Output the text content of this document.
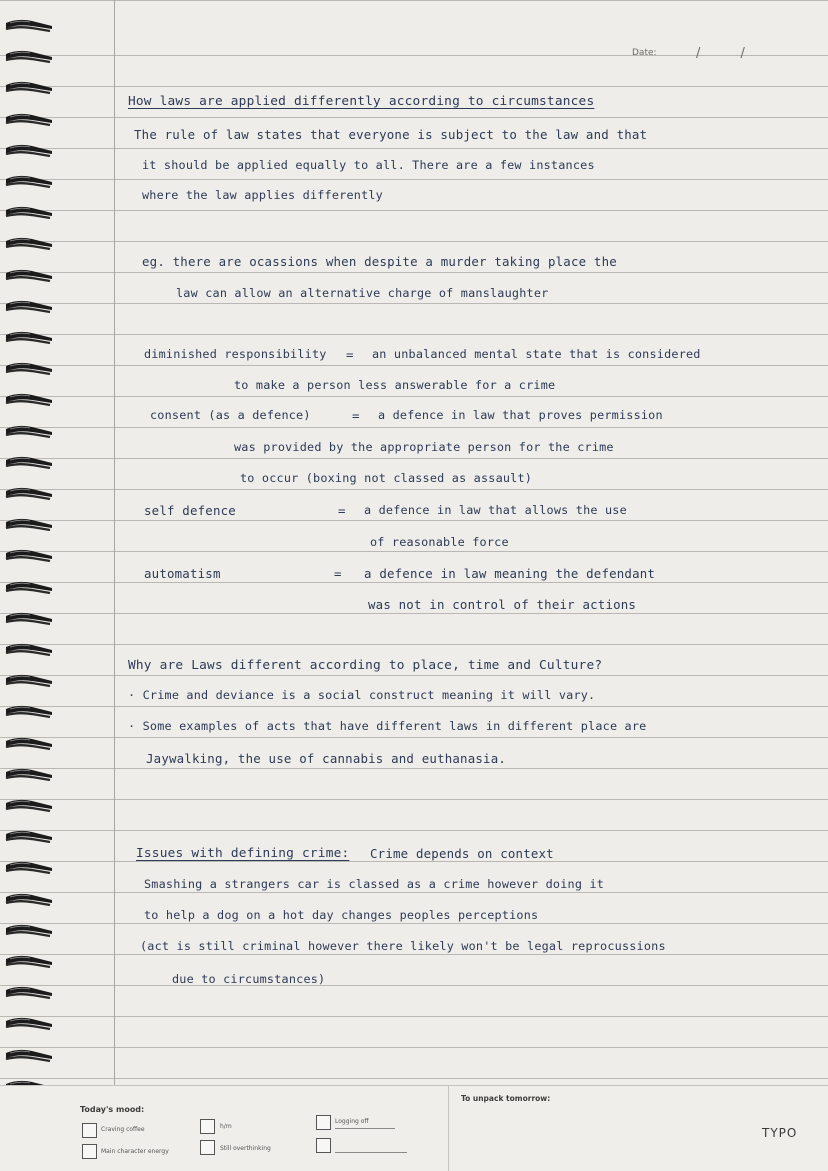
Date:	/ /

How laws are applied differently according to circumstances

The rule of law states that everyone is subject to the law and that

it should be applied equally to all. There are a few instances

where the law applies differently

eg. there are ocassions when despite a murder taking place the

law can allow an alternative charge of manslaughter

diminished responsibility = an unbalanced mental state that is considered

to make a person less answerable for a crime

consent (as a defence)	= a defence in law that proves permission

was provided by the appropriate person for the crime

to occur (boxing not classed as assault)

self defence	= a defence in law that allows the use

of reasonable force

automatism	= a defence in law meaning the defendant

was not in control of their actions

Why are Laws different according to place, time and Culture?

· Crime and deviance is a social construct meaning it will vary.

· Some examples of acts that have different laws in different place are

Jaywalking, the use of cannabis and euthanasia.

Issues with defining crime: Crime depends on context

Smashing a strangers car is classed as a crime however doing it

to help a dog on a hot day changes peoples perceptions

(act is still criminal however there likely won't be legal reprocussions

due to circumstances)

Today's mood:
Craving coffee
Main character energy
h/m
Still overthinking
Logging off
To unpack tomorrow:
TYPO
